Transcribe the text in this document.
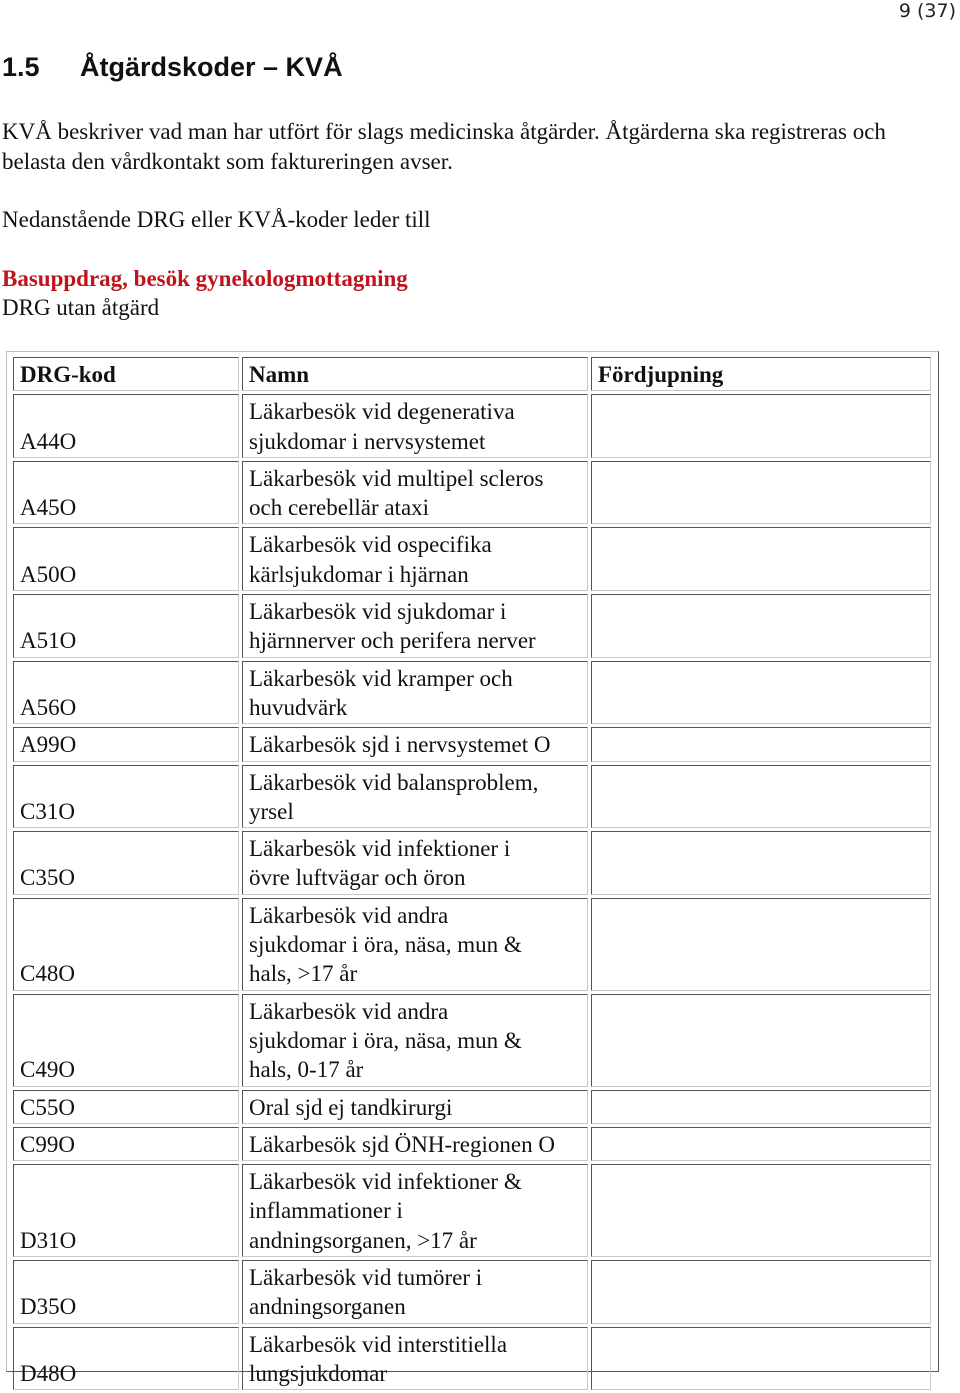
9 (37)
1.5 Åtgärdskoder – KVÅ

KVÅ beskriver vad man har utfört för slags medicinska åtgärder. Åtgärderna ska registreras och belasta den vårdkontakt som faktureringen avser.

Nedanstående DRG eller KVÅ-koder leder till

Basuppdrag, besök gynekologmottagning

DRG utan åtgärd

DRG-kod	Namn	Fördjupning
A44O	Läkarbesök vid degenerativa
sjukdomar i nervsystemet	

A45O	Läkarbesök vid multipel scleros
och cerebellär ataxi	

A50O	Läkarbesök vid ospecifika
kärlsjukdomar i hjärnan	

A51O	Läkarbesök vid sjukdomar i
hjärnnerver och perifera nerver	

A56O	Läkarbesök vid kramper och
huvudvärk	

A99O	Läkarbesök sjd i nervsystemet O	

C31O	Läkarbesök vid balansproblem,
yrsel	

C35O	Läkarbesök vid infektioner i
övre luftvägar och öron	

C48O	Läkarbesök vid andra
sjukdomar i öra, näsa, mun &
hals, >17 år	

C49O	Läkarbesök vid andra
sjukdomar i öra, näsa, mun &
hals, 0-17 år	

C55O	Oral sjd ej tandkirurgi	

C99O	Läkarbesök sjd ÖNH-regionen O	

D31O	Läkarbesök vid infektioner &
inflammationer i
andningsorganen, >17 år	

D35O	Läkarbesök vid tumörer i
andningsorganen	

D48O	Läkarbesök vid interstitiella
lungsjukdomar	
